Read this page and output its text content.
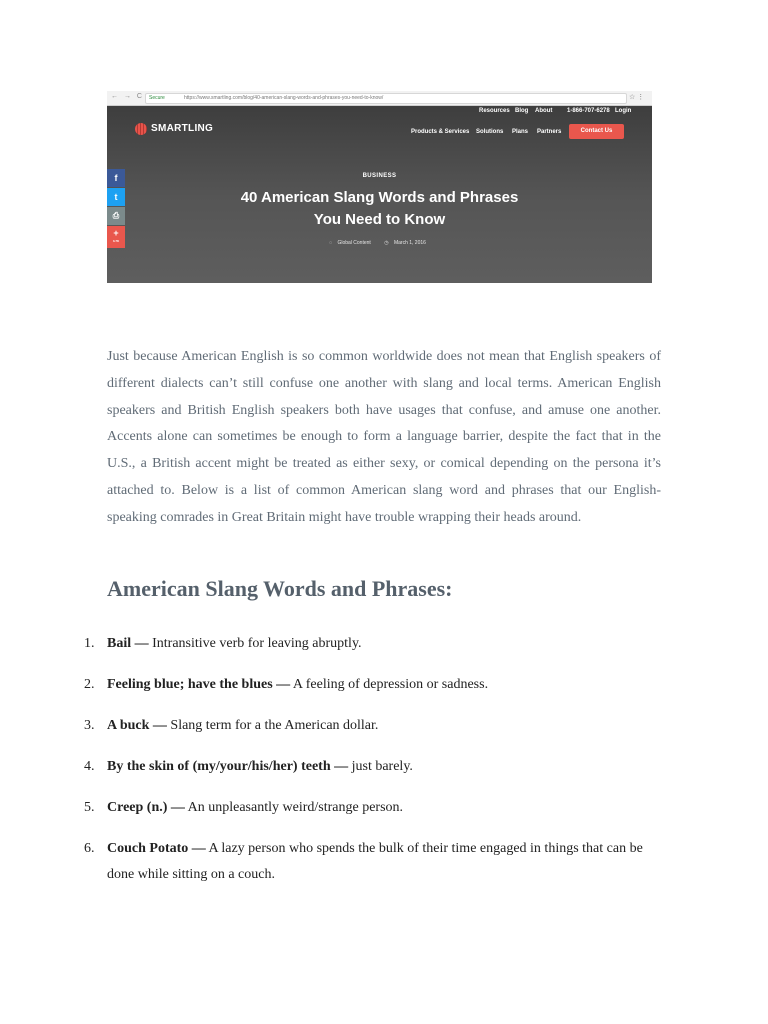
← → C Secure	https://www.smartling.com/blog/40-american-slang-words-and-phrases-you-need-to-know/	☆ ⋮
Resources Blog About 1-866-707-6278 Login
SMARTLING	Products & Services Solutions Plans Partners	Contact Us
f
t
⎙
+
3.7K
BUSINESS
40 American Slang Words and Phrases
You Need to Know
◌ Global Content	◷ March 1, 2016

Just because American English is so common worldwide does not mean that English speakers of different dialects can’t still confuse one another with slang and local terms. American English speakers and British English speakers both have usages that confuse, and amuse one another. Accents alone can sometimes be enough to form a language barrier, despite the fact that in the U.S., a British accent might be treated as either sexy, or comical depending on the persona it’s attached to. Below is a list of common American slang word and phrases that our English-speaking comrades in Great Britain might have trouble wrapping their heads around.

American Slang Words and Phrases:
1. Bail — Intransitive verb for leaving abruptly.
2. Feeling blue; have the blues — A feeling of depression or sadness.
3. A buck — Slang term for a the American dollar.
4. By the skin of (my/your/his/her) teeth — just barely.
5. Creep (n.) — An unpleasantly weird/strange person.
6. Couch Potato — A lazy person who spends the bulk of their time engaged in things that can be done while sitting on a couch.
